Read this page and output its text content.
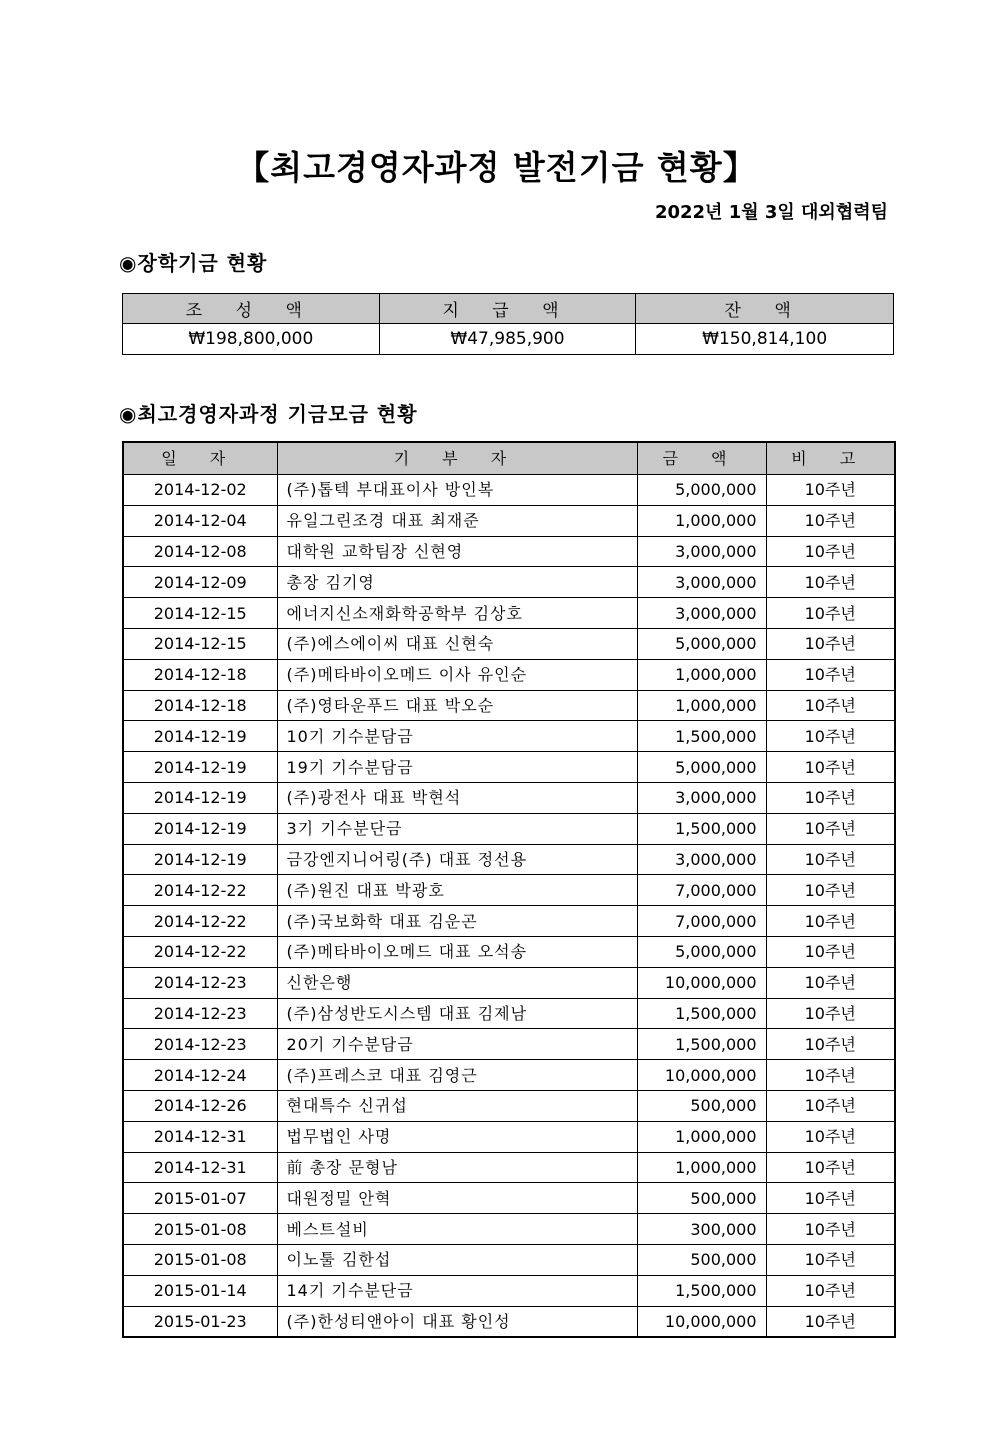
【최고경영자과정 발전기금 현황】
2022년 1월 3일 대외협력팀
◉장학기금 현황
조 성 액	지 급 액	잔 액
₩198,800,000	₩47,985,900	₩150,814,100
◉최고경영자과정 기금모금 현황
일 자	기 부 자	금 액	비 고
2014-12-02	(주)톱텍 부대표이사 방인복	5,000,000	10주년
2014-12-04	유일그린조경 대표 최재준	1,000,000	10주년
2014-12-08	대학원 교학팀장 신현영	3,000,000	10주년
2014-12-09	총장 김기영	3,000,000	10주년
2014-12-15	에너지신소재화학공학부 김상호	3,000,000	10주년
2014-12-15	(주)에스에이씨 대표 신현숙	5,000,000	10주년
2014-12-18	(주)메타바이오메드 이사 유인순	1,000,000	10주년
2014-12-18	(주)영타운푸드 대표 박오순	1,000,000	10주년
2014-12-19	10기 기수분담금	1,500,000	10주년
2014-12-19	19기 기수분담금	5,000,000	10주년
2014-12-19	(주)광전사 대표 박현석	3,000,000	10주년
2014-12-19	3기 기수분단금	1,500,000	10주년
2014-12-19	금강엔지니어링(주) 대표 정선용	3,000,000	10주년
2014-12-22	(주)원진 대표 박광호	7,000,000	10주년
2014-12-22	(주)국보화학 대표 김운곤	7,000,000	10주년
2014-12-22	(주)메타바이오메드 대표 오석송	5,000,000	10주년
2014-12-23	신한은행	10,000,000	10주년
2014-12-23	(주)삼성반도시스템 대표 김제남	1,500,000	10주년
2014-12-23	20기 기수분담금	1,500,000	10주년
2014-12-24	(주)프레스코 대표 김영근	10,000,000	10주년
2014-12-26	현대특수 신귀섭	500,000	10주년
2014-12-31	법무법인 사명	1,000,000	10주년
2014-12-31	前 총장 문형남	1,000,000	10주년
2015-01-07	대원정밀 안혁	500,000	10주년
2015-01-08	베스트설비	300,000	10주년
2015-01-08	이노툴 김한섭	500,000	10주년
2015-01-14	14기 기수분단금	1,500,000	10주년
2015-01-23	(주)한성티앤아이 대표 황인성	10,000,000	10주년
